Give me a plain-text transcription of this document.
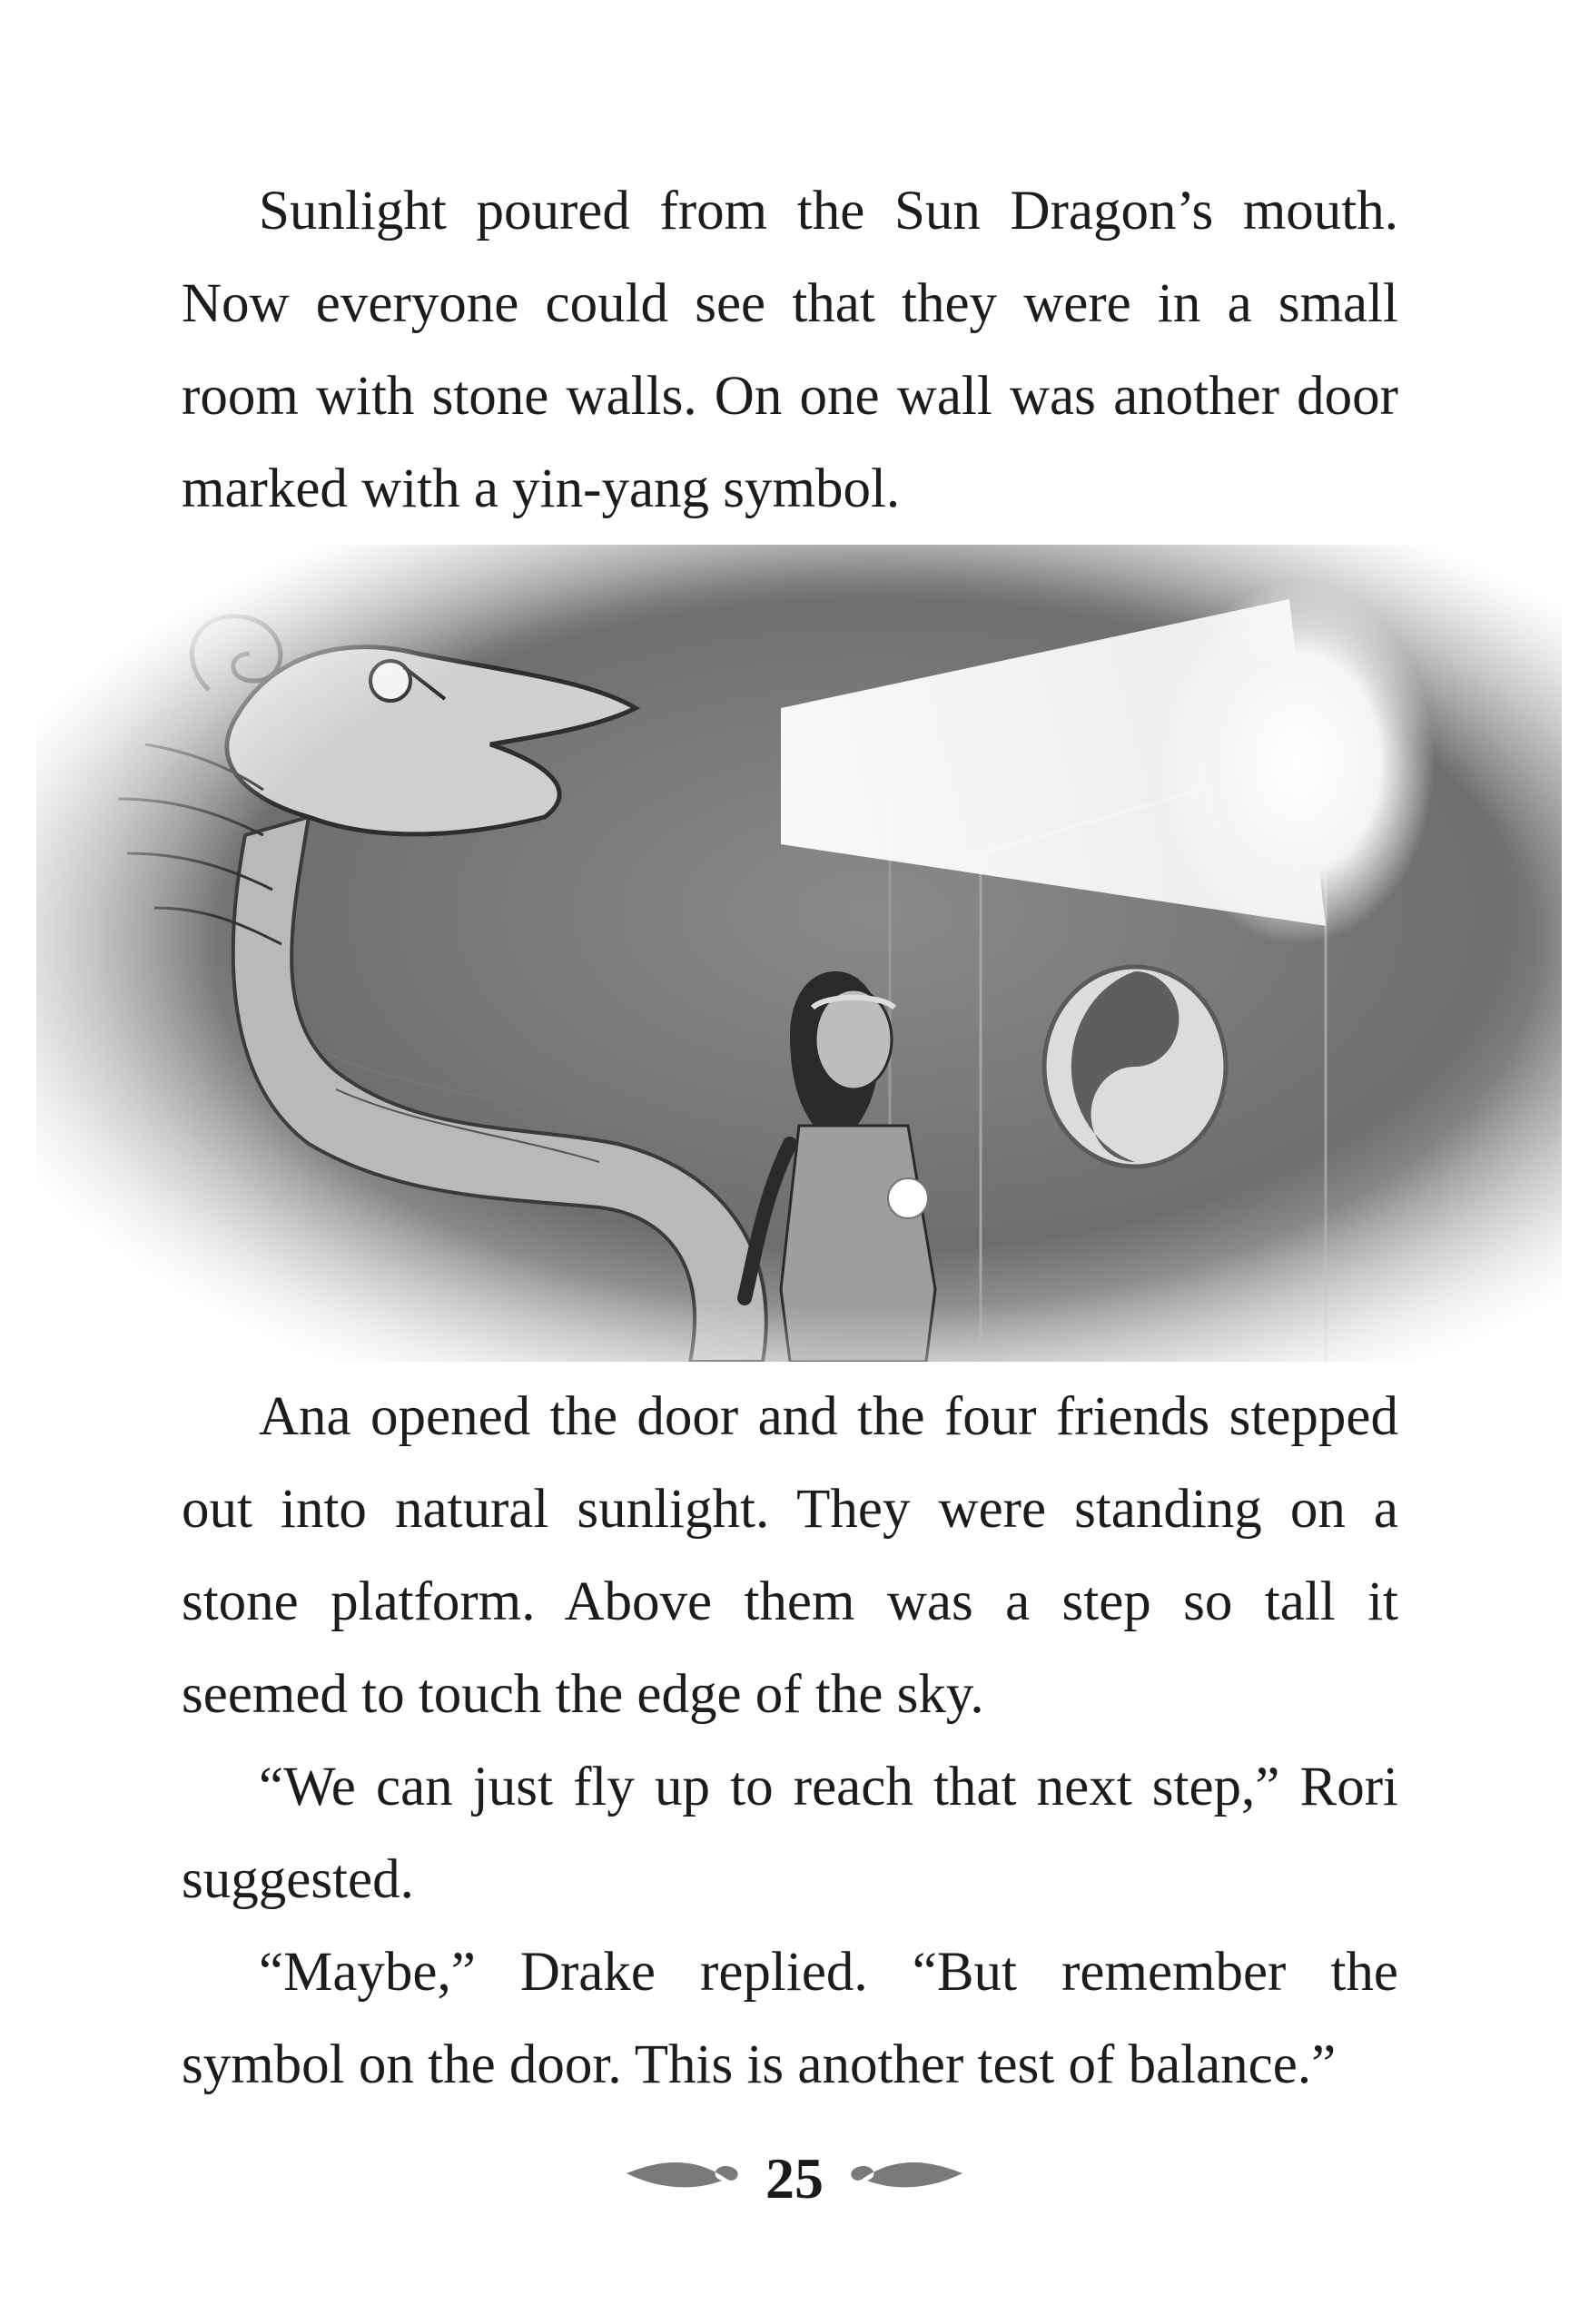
Sunlight poured from the Sun Dragon’s mouth. Now everyone could see that they were in a small room with stone walls. On one wall was another door marked with a yin-yang symbol.

Ana opened the door and the four friends stepped out into natural sunlight. They were standing on a stone platform. Above them was a step so tall it seemed to touch the edge of the sky.

“We can just fly up to reach that next step,” Rori suggested.

“Maybe,” Drake replied. “But remember the symbol on the door. This is another test of balance.”

25
